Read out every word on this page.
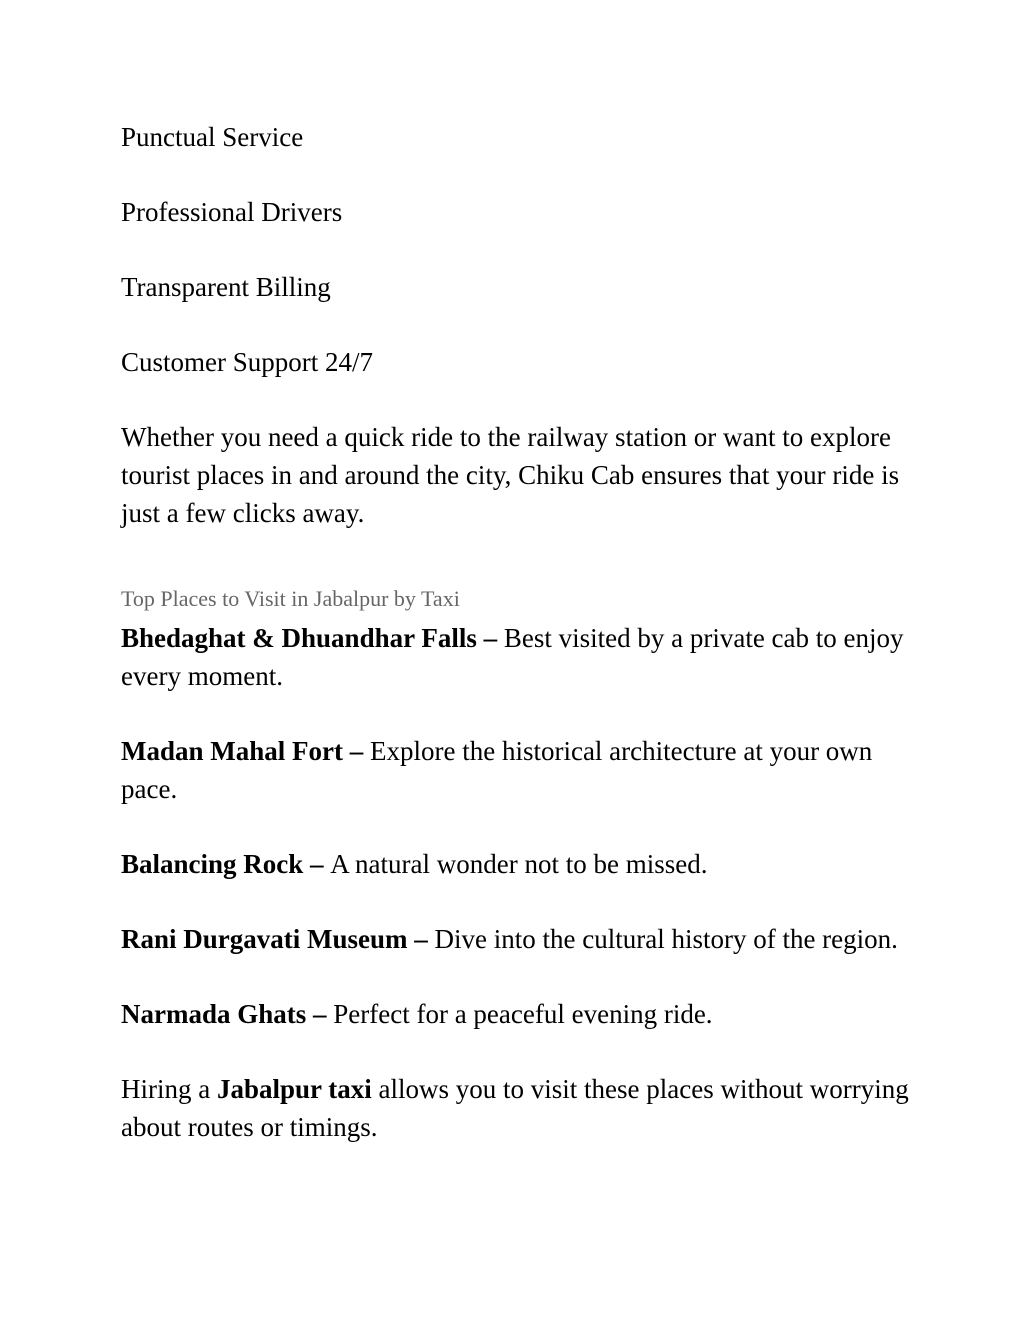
Punctual Service

Professional Drivers

Transparent Billing

Customer Support 24/7

Whether you need a quick ride to the railway station or want to explore tourist places in and around the city, Chiku Cab ensures that your ride is just a few clicks away.

Top Places to Visit in Jabalpur by Taxi

Bhedaghat & Dhuandhar Falls – Best visited by a private cab to enjoy every moment.

Madan Mahal Fort – Explore the historical architecture at your own pace.

Balancing Rock – A natural wonder not to be missed.

Rani Durgavati Museum – Dive into the cultural history of the region.

Narmada Ghats – Perfect for a peaceful evening ride.

Hiring a Jabalpur taxi allows you to visit these places without worrying about routes or timings.
